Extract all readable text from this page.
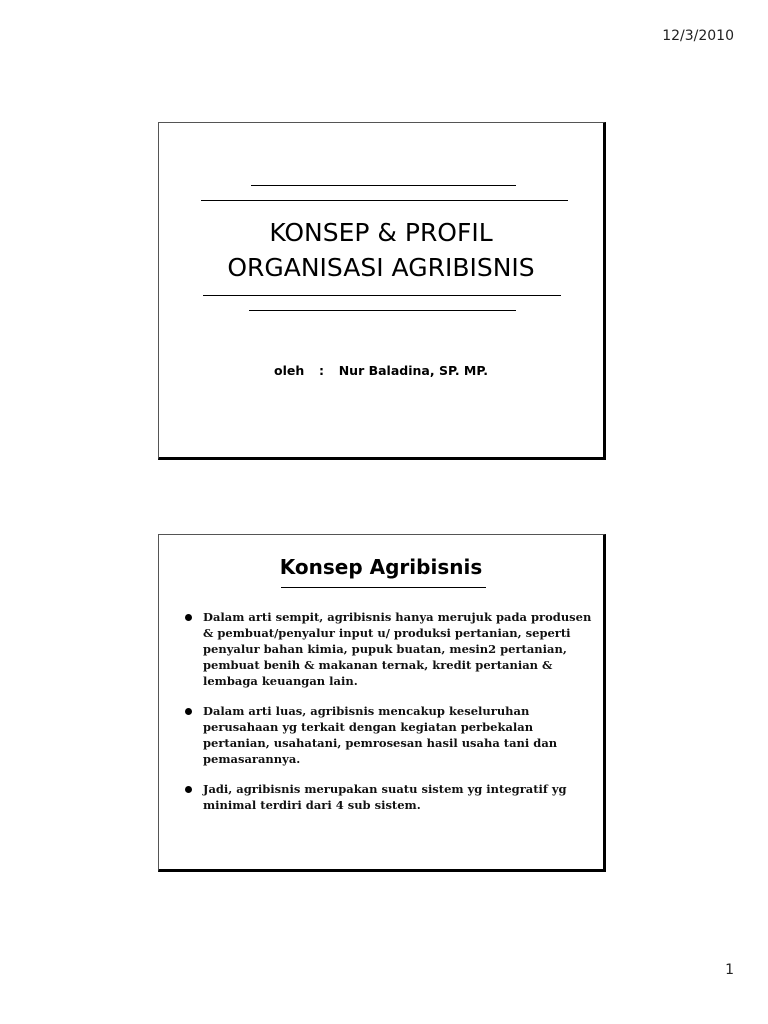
12/3/2010
KONSEP & PROFIL
ORGANISASI AGRIBISNIS

oleh : Nur Baladina, SP. MP.

Konsep Agribisnis
Dalam arti sempit, agribisnis hanya merujuk pada produsen & pembuat/penyalur input u/ produksi pertanian, seperti penyalur bahan kimia, pupuk buatan, mesin2 pertanian, pembuat benih & makanan ternak, kredit pertanian & lembaga keuangan lain.
Dalam arti luas, agribisnis mencakup keseluruhan perusahaan yg terkait dengan kegiatan perbekalan pertanian, usahatani, pemrosesan hasil usaha tani dan pemasarannya.
Jadi, agribisnis merupakan suatu sistem yg integratif yg minimal terdiri dari 4 sub sistem.
1
